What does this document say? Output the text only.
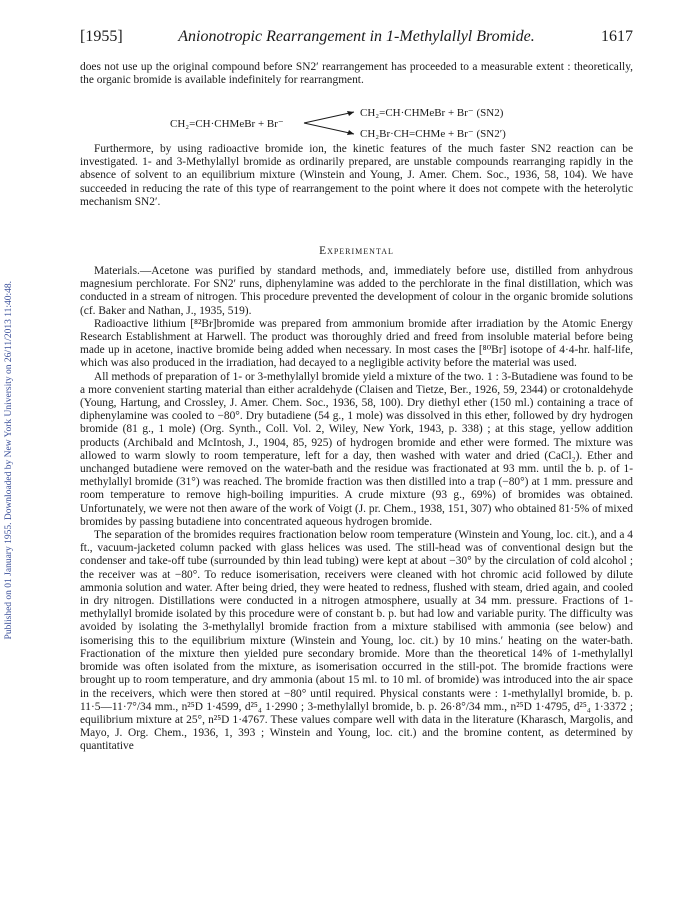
Published on 01 January 1955. Downloaded by New York University on 26/11/2013 11:40:48.
[1955]	Anionotropic Rearrangement in 1-Methylallyl Bromide.	1617

does not use up the original compound before SN2′ rearrangement has proceeded to a measurable extent : theoretically, the organic bromide is available indefinitely for rearrangment.

CH₂=CH·CHMeBr + Br⁻
CH₂=CH·CHMeBr + Br⁻ (SN2)
CH₂Br·CH=CHMe + Br⁻ (SN2′)

Furthermore, by using radioactive bromide ion, the kinetic features of the much faster SN2 reaction can be investigated. 1- and 3-Methylallyl bromide as ordinarily prepared, are unstable compounds rearranging rapidly in the absence of solvent to an equilibrium mixture (Winstein and Young, J. Amer. Chem. Soc., 1936, 58, 104). We have succeeded in reducing the rate of this type of rearrangement to the point where it does not compete with the heterolytic mechanism SN2′.

Experimental

Materials.—Acetone was purified by standard methods, and, immediately before use, distilled from anhydrous magnesium perchlorate. For SN2′ runs, diphenylamine was added to the perchlorate in the final distillation, which was conducted in a stream of nitrogen. This procedure prevented the development of colour in the organic bromide solutions (cf. Baker and Nathan, J., 1935, 519).

Radioactive lithium [⁸²Br]bromide was prepared from ammonium bromide after irradiation by the Atomic Energy Research Establishment at Harwell. The product was thoroughly dried and freed from insoluble material before being made up in acetone, inactive bromide being added when necessary. In most cases the [⁸⁰Br] isotope of 4·4-hr. half-life, which was also produced in the irradiation, had decayed to a negligible activity before the material was used.

All methods of preparation of 1- or 3-methylallyl bromide yield a mixture of the two. 1 : 3-Butadiene was found to be a more convenient starting material than either acraldehyde (Claisen and Tietze, Ber., 1926, 59, 2344) or crotonaldehyde (Young, Hartung, and Crossley, J. Amer. Chem. Soc., 1936, 58, 100). Dry diethyl ether (150 ml.) containing a trace of diphenylamine was cooled to −80°. Dry butadiene (54 g., 1 mole) was dissolved in this ether, followed by dry hydrogen bromide (81 g., 1 mole) (Org. Synth., Coll. Vol. 2, Wiley, New York, 1943, p. 338) ; at this stage, yellow addition products (Archibald and McIntosh, J., 1904, 85, 925) of hydrogen bromide and ether were formed. The mixture was allowed to warm slowly to room temperature, left for a day, then washed with water and dried (CaCl₂). Ether and unchanged butadiene were removed on the water-bath and the residue was fractionated at 93 mm. until the b. p. of 1-methylallyl bromide (31°) was reached. The bromide fraction was then distilled into a trap (−80°) at 1 mm. pressure and room temperature to remove high-boiling impurities. A crude mixture (93 g., 69%) of bromides was obtained. Unfortunately, we were not then aware of the work of Voigt (J. pr. Chem., 1938, 151, 307) who obtained 81·5% of mixed bromides by passing butadiene into concentrated aqueous hydrogen bromide.

The separation of the bromides requires fractionation below room temperature (Winstein and Young, loc. cit.), and a 4 ft., vacuum-jacketed column packed with glass helices was used. The still-head was of conventional design but the condenser and take-off tube (surrounded by thin lead tubing) were kept at about −30° by the circulation of cold alcohol ; the receiver was at −80°. To reduce isomerisation, receivers were cleaned with hot chromic acid followed by dilute ammonia solution and water. After being dried, they were heated to redness, flushed with steam, dried again, and cooled in dry nitrogen. Distillations were conducted in a nitrogen atmosphere, usually at 34 mm. pressure. Fractions of 1-methylallyl bromide isolated by this procedure were of constant b. p. but had low and variable purity. The difficulty was avoided by isolating the 3-methylallyl bromide fraction from a mixture stabilised with ammonia (see below) and isomerising this to the equilibrium mixture (Winstein and Young, loc. cit.) by 10 mins.′ heating on the water-bath. Fractionation of the mixture then yielded pure secondary bromide. More than the theoretical 14% of 1-methylallyl bromide was often isolated from the mixture, as isomerisation occurred in the still-pot. The bromide fractions were brought up to room temperature, and dry ammonia (about 15 ml. to 10 ml. of bromide) was introduced into the air space in the receivers, which were then stored at −80° until required. Physical constants were : 1-methylallyl bromide, b. p. 11·5—11·7°/34 mm., n²⁵D 1·4599, d²⁵₄ 1·2990 ; 3-methylallyl bromide, b. p. 26·8°/34 mm., n²⁵D 1·4795, d²⁵₄ 1·3372 ; equilibrium mixture at 25°, n²⁵D 1·4767. These values compare well with data in the literature (Kharasch, Margolis, and Mayo, J. Org. Chem., 1936, 1, 393 ; Winstein and Young, loc. cit.) and the bromine content, as determined by quantitative
